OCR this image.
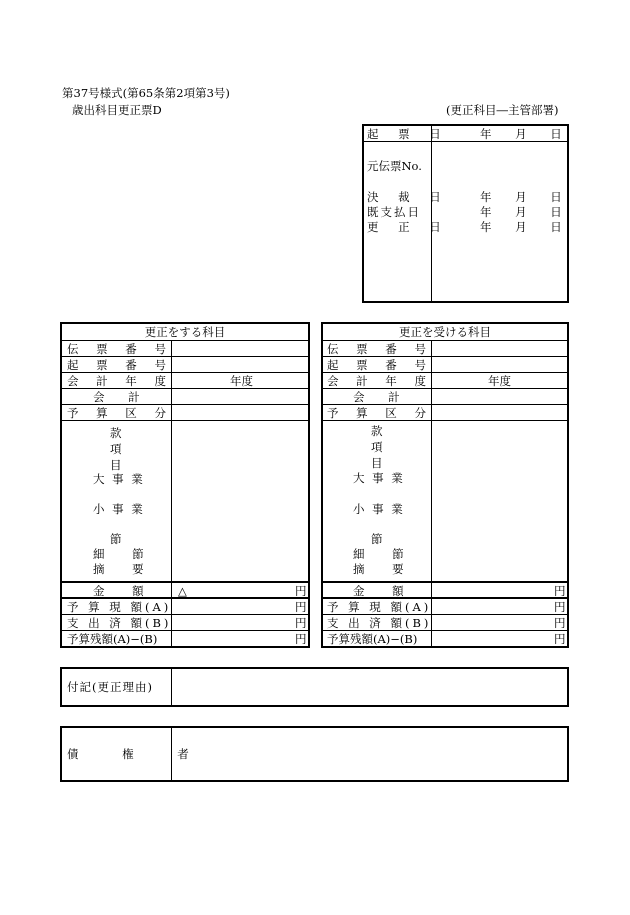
第37号様式(第65条第2項第3号)
歳出科目更正票D	(更正科目―主管部署)
起 票 日	年 月 日
元伝票No.
決 裁 日	年 月 日
既支払日	年 月 日
更 正 日	年 月 日
更正をする科目
伝 票 番 号
起 票 番 号
会 計 年 度	年度
会 計
予 算 区 分
款
項
目
大 事 業
小 事 業
節
細 節
摘 要
金 額 △	円
予 算 現 額(A)	円
支 出 済 額(B)	円
予算残額(A)−(B)	円
更正を受ける科目
伝 票 番 号
起 票 番 号
会 計 年 度	年度
会 計
予 算 区 分
款
項
目
大 事 業
小 事 業
節
細 節
摘 要
金 額	円
予 算 現 額(A)	円
支 出 済 額(B)	円
予算残額(A)−(B)	円
付記(更正理由)
債 権 者
